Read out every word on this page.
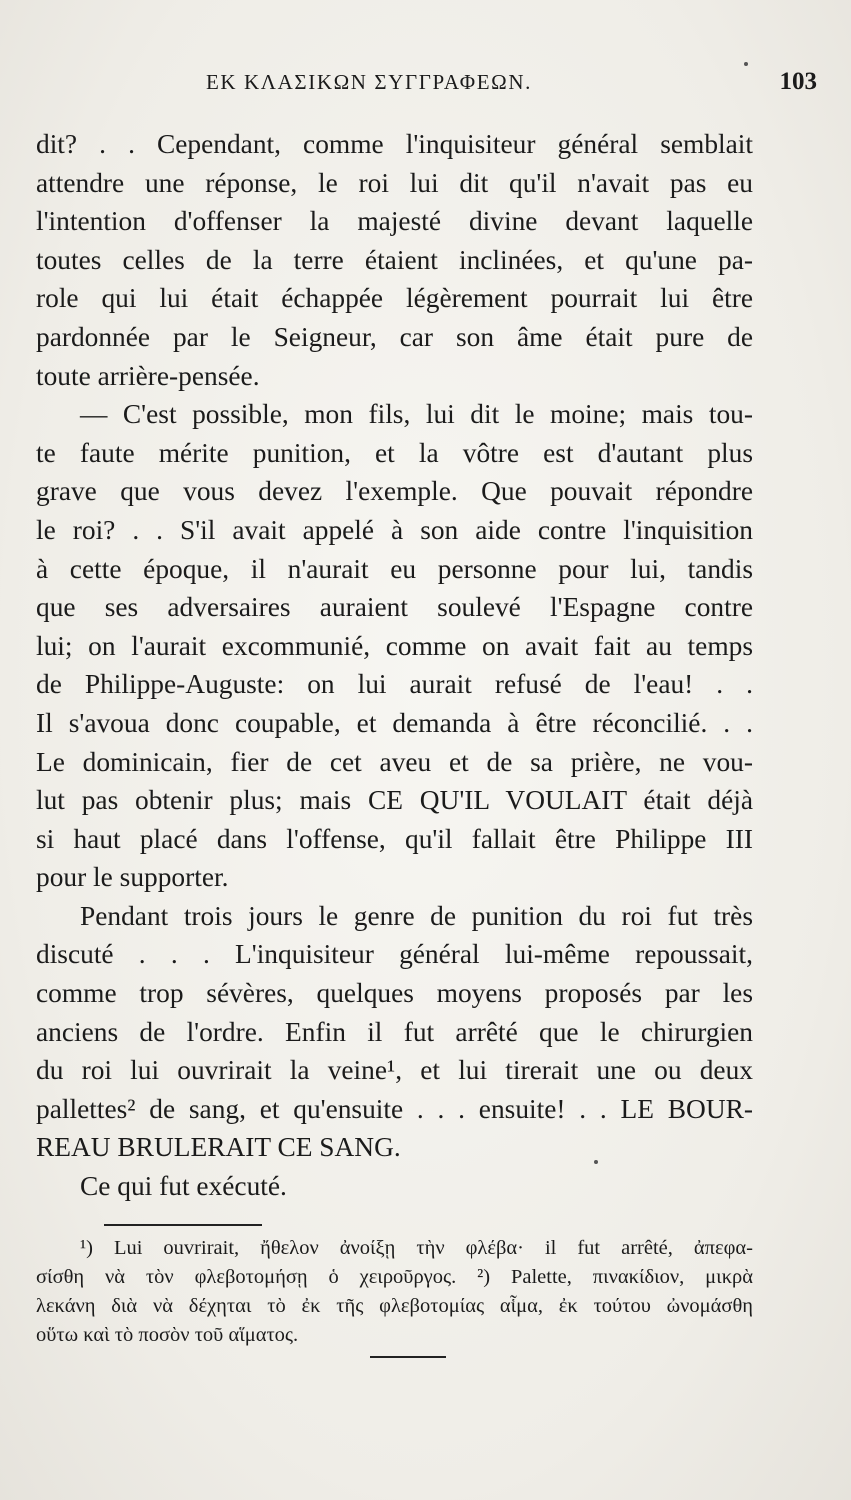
ΕΚ ΚΛΑΣΙΚΩΝ ΣΥΓΓΡΑΦΕΩΝ.	103
dit? . . Cependant, comme l'inquisiteur général semblait
attendre une réponse, le roi lui dit qu'il n'avait pas eu
l'intention d'offenser la majesté divine devant laquelle
toutes celles de la terre étaient inclinées, et qu'une pa-
role qui lui était échappée légèrement pourrait lui être
pardonnée par le Seigneur, car son âme était pure de
toute arrière-pensée.
— C'est possible, mon fils, lui dit le moine; mais tou-
te faute mérite punition, et la vôtre est d'autant plus
grave que vous devez l'exemple. Que pouvait répondre
le roi? . . S'il avait appelé à son aide contre l'inquisition
à cette époque, il n'aurait eu personne pour lui, tandis
que ses adversaires auraient soulevé l'Espagne contre
lui; on l'aurait excommunié, comme on avait fait au temps
de Philippe-Auguste: on lui aurait refusé de l'eau! . .
Il s'avoua donc coupable, et demanda à être réconcilié. . .
Le dominicain, fier de cet aveu et de sa prière, ne vou-
lut pas obtenir plus; mais CE QU'IL VOULAIT était déjà
si haut placé dans l'offense, qu'il fallait être Philippe III
pour le supporter.
Pendant trois jours le genre de punition du roi fut très
discuté . . . L'inquisiteur général lui-même repoussait,
comme trop sévères, quelques moyens proposés par les
anciens de l'ordre. Enfin il fut arrêté que le chirurgien
du roi lui ouvrirait la veine¹, et lui tirerait une ou deux
pallettes² de sang, et qu'ensuite . . . ensuite! . . LE BOUR-
REAU BRULERAIT CE SANG.
Ce qui fut exécuté.
¹) Lui ouvrirait, ἤθελον ἀνοίξῃ τὴν φλέβα· il fut arrêté, ἀπεφα-
σίσθη νὰ τὸν φλεβοτομήσῃ ὁ χειροῦργος. ²) Palette, πινακίδιον, μικρὰ
λεκάνη διὰ νὰ δέχηται τὸ ἐκ τῆς φλεβοτομίας αἷμα, ἐκ τούτου ὠνομάσθη
οὕτω καὶ τὸ ποσὸν τοῦ αἵματος.
